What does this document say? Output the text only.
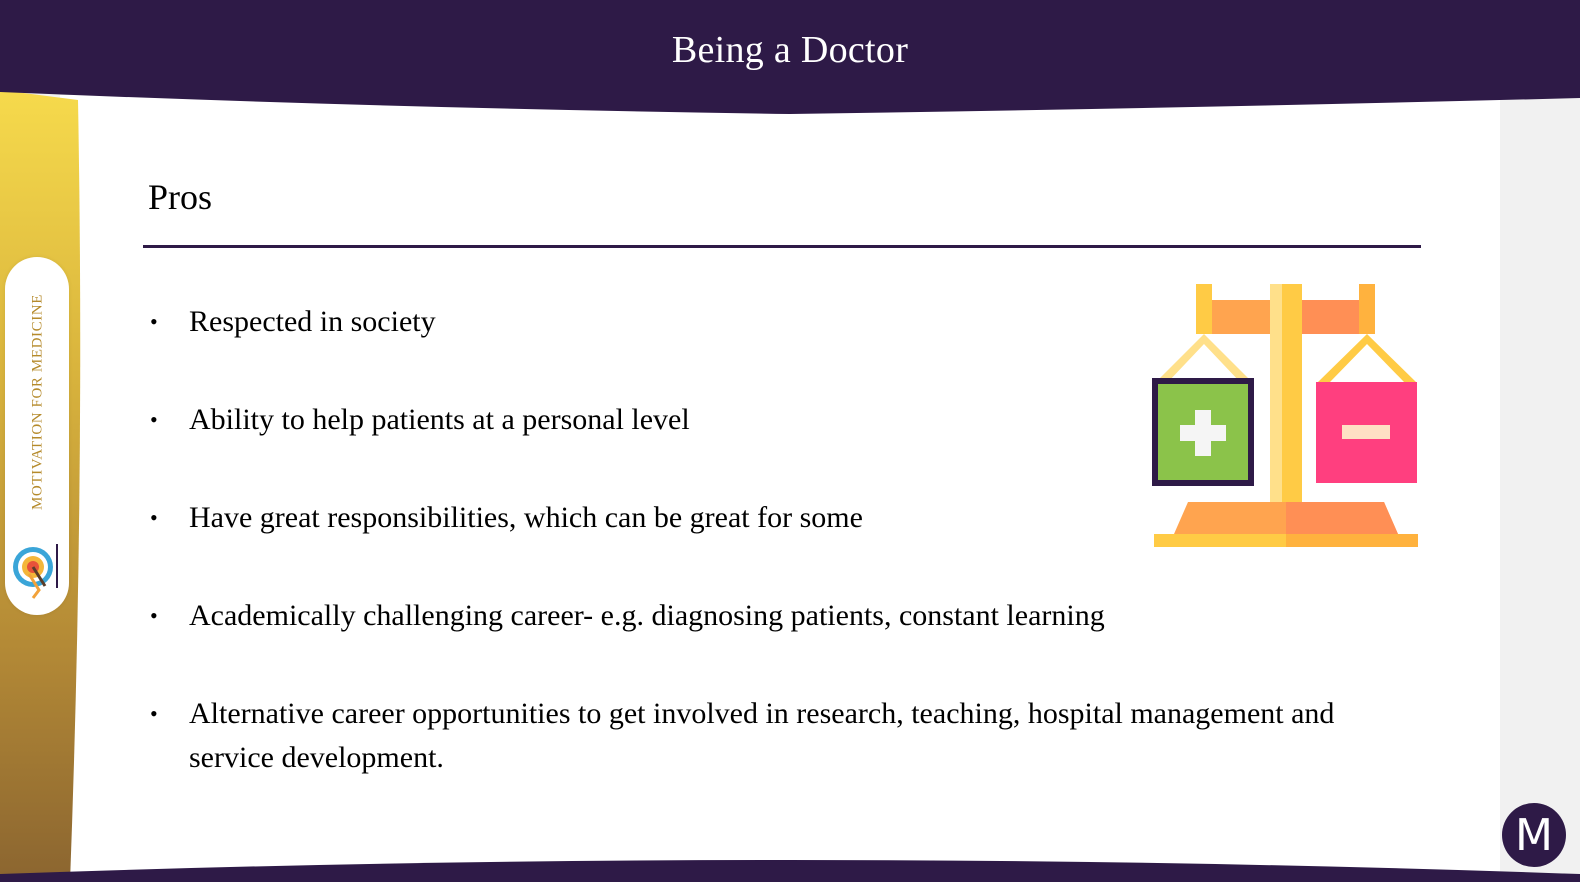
Being a Doctor
MOTIVATION FOR MEDICINE
Pros
• Respected in society
• Ability to help patients at a personal level
• Have great responsibilities, which can be great for some
• Academically challenging career- e.g. diagnosing patients, constant learning
• Alternative career opportunities to get involved in research, teaching, hospital management and service development.
M
